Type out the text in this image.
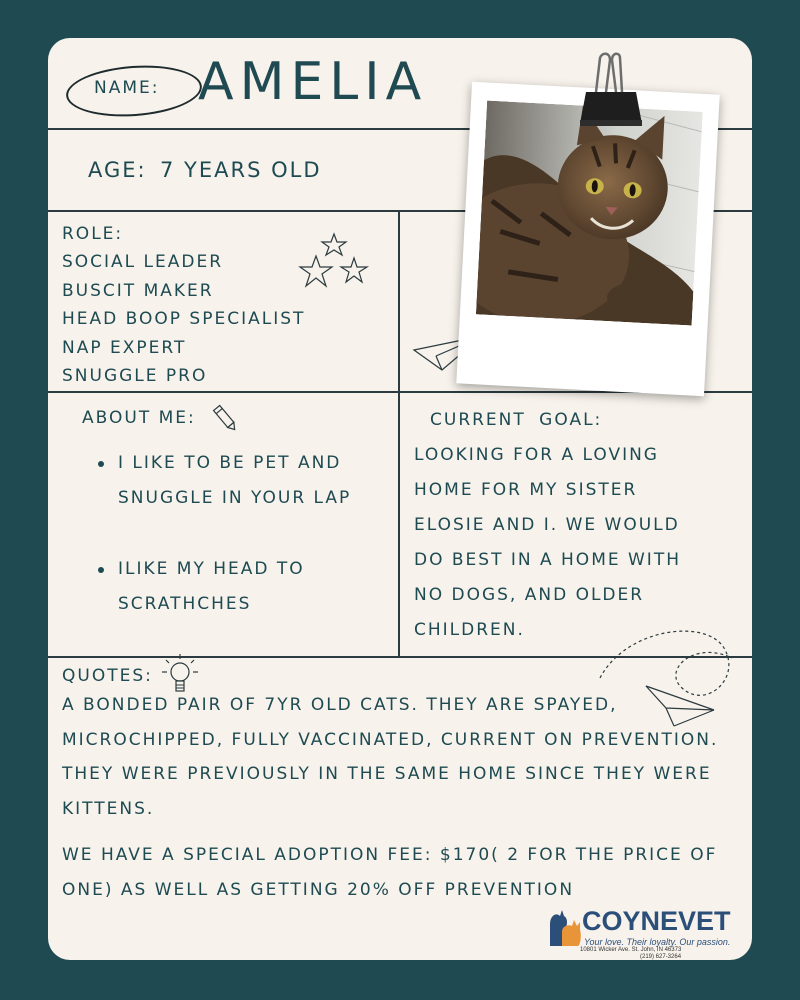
NAME: AMELIA
AGE: 7 YEARS OLD
ROLE:
SOCIAL LEADER
BUSCIT MAKER
HEAD BOOP SPECIALIST
NAP EXPERT
SNUGGLE PRO
ABOUT ME:
I LIKE TO BE PET AND SNUGGLE IN YOUR LAP
ILIKE MY HEAD TO SCRATHCHES
CURRENT GOAL:
LOOKING FOR A LOVING HOME FOR MY SISTER ELOSIE AND I. WE WOULD DO BEST IN A HOME WITH NO DOGS, AND OLDER CHILDREN.
QUOTES:
A BONDED PAIR OF 7YR OLD CATS. THEY ARE SPAYED, MICROCHIPPED, FULLY VACCINATED, CURRENT ON PREVENTION. THEY WERE PREVIOUSLY IN THE SAME HOME SINCE THEY WERE KITTENS.
WE HAVE A SPECIAL ADOPTION FEE: $170( 2 FOR THE PRICE OF ONE) AS WELL AS GETTING 20% OFF PREVENTION
COYNEVET
Your love. Their loyalty. Our passion.
10801 Wicker Ave. St. John, IN 46373
(219) 627-3264
